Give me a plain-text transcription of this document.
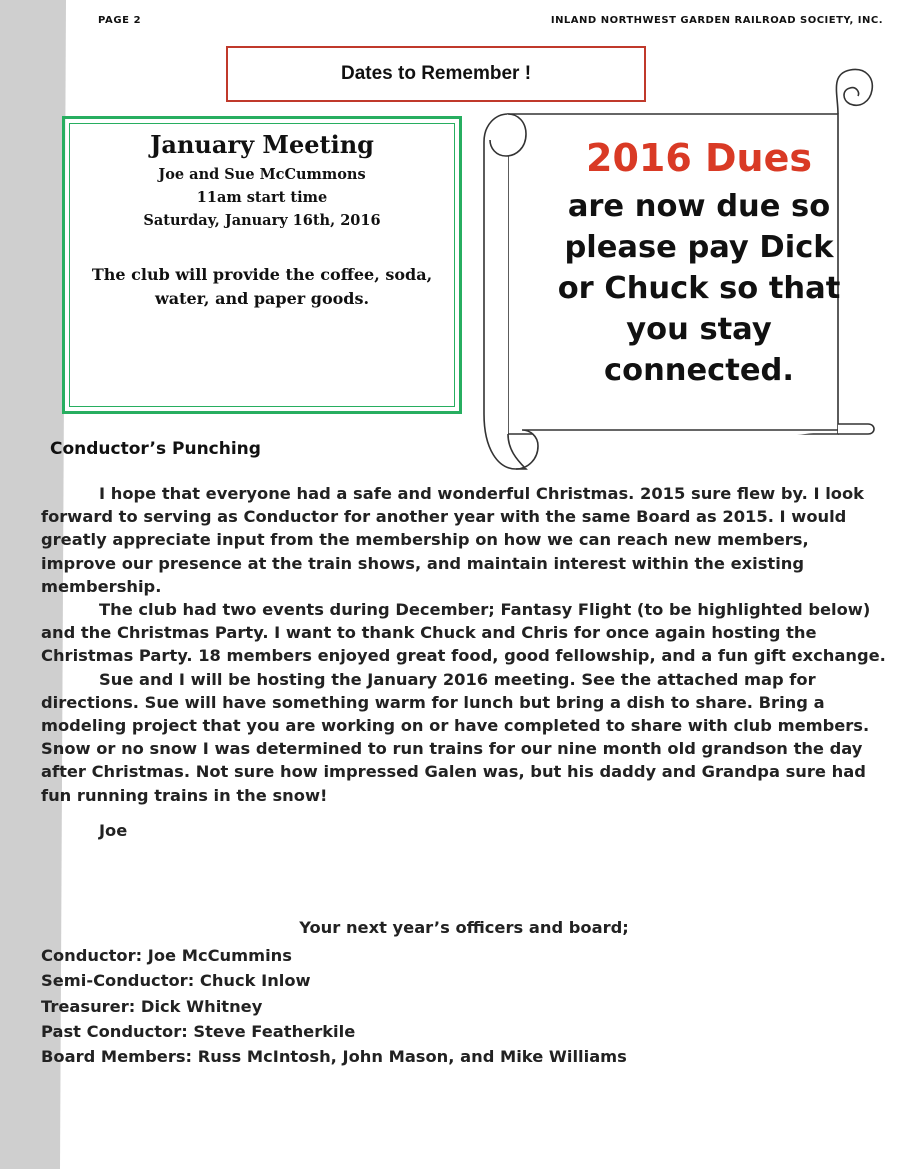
PAGE 2	INLAND NORTHWEST GARDEN RAILROAD SOCIETY, INC.
Dates to Remember !
January Meeting
Joe and Sue McCummons
11am start time
Saturday, January 16th, 2016
The club will provide the coffee, soda, water, and paper goods.
2016 Dues
are now due so
please pay Dick
or Chuck so that
you stay
connected.
Conductor’s Punching

I hope that everyone had a safe and wonderful Christmas. 2015 sure flew by. I look forward to serving as Conductor for another year with the same Board as 2015. I would greatly appreciate input from the membership on how we can reach new members, improve our presence at the train shows, and maintain interest within the existing membership.

The club had two events during December; Fantasy Flight (to be highlighted below) and the Christmas Party. I want to thank Chuck and Chris for once again hosting the Christmas Party. 18 members enjoyed great food, good fellowship, and a fun gift exchange.

Sue and I will be hosting the January 2016 meeting. See the attached map for directions. Sue will have something warm for lunch but bring a dish to share. Bring a modeling project that you are working on or have completed to share with club members.

Snow or no snow I was determined to run trains for our nine month old grandson the day after Christmas. Not sure how impressed Galen was, but his daddy and Grandpa sure had fun running trains in the snow!

Joe

Your next year’s officers and board;
Conductor: Joe McCummins
Semi-Conductor: Chuck Inlow
Treasurer: Dick Whitney
Past Conductor: Steve Featherkile
Board Members: Russ McIntosh, John Mason, and Mike Williams
